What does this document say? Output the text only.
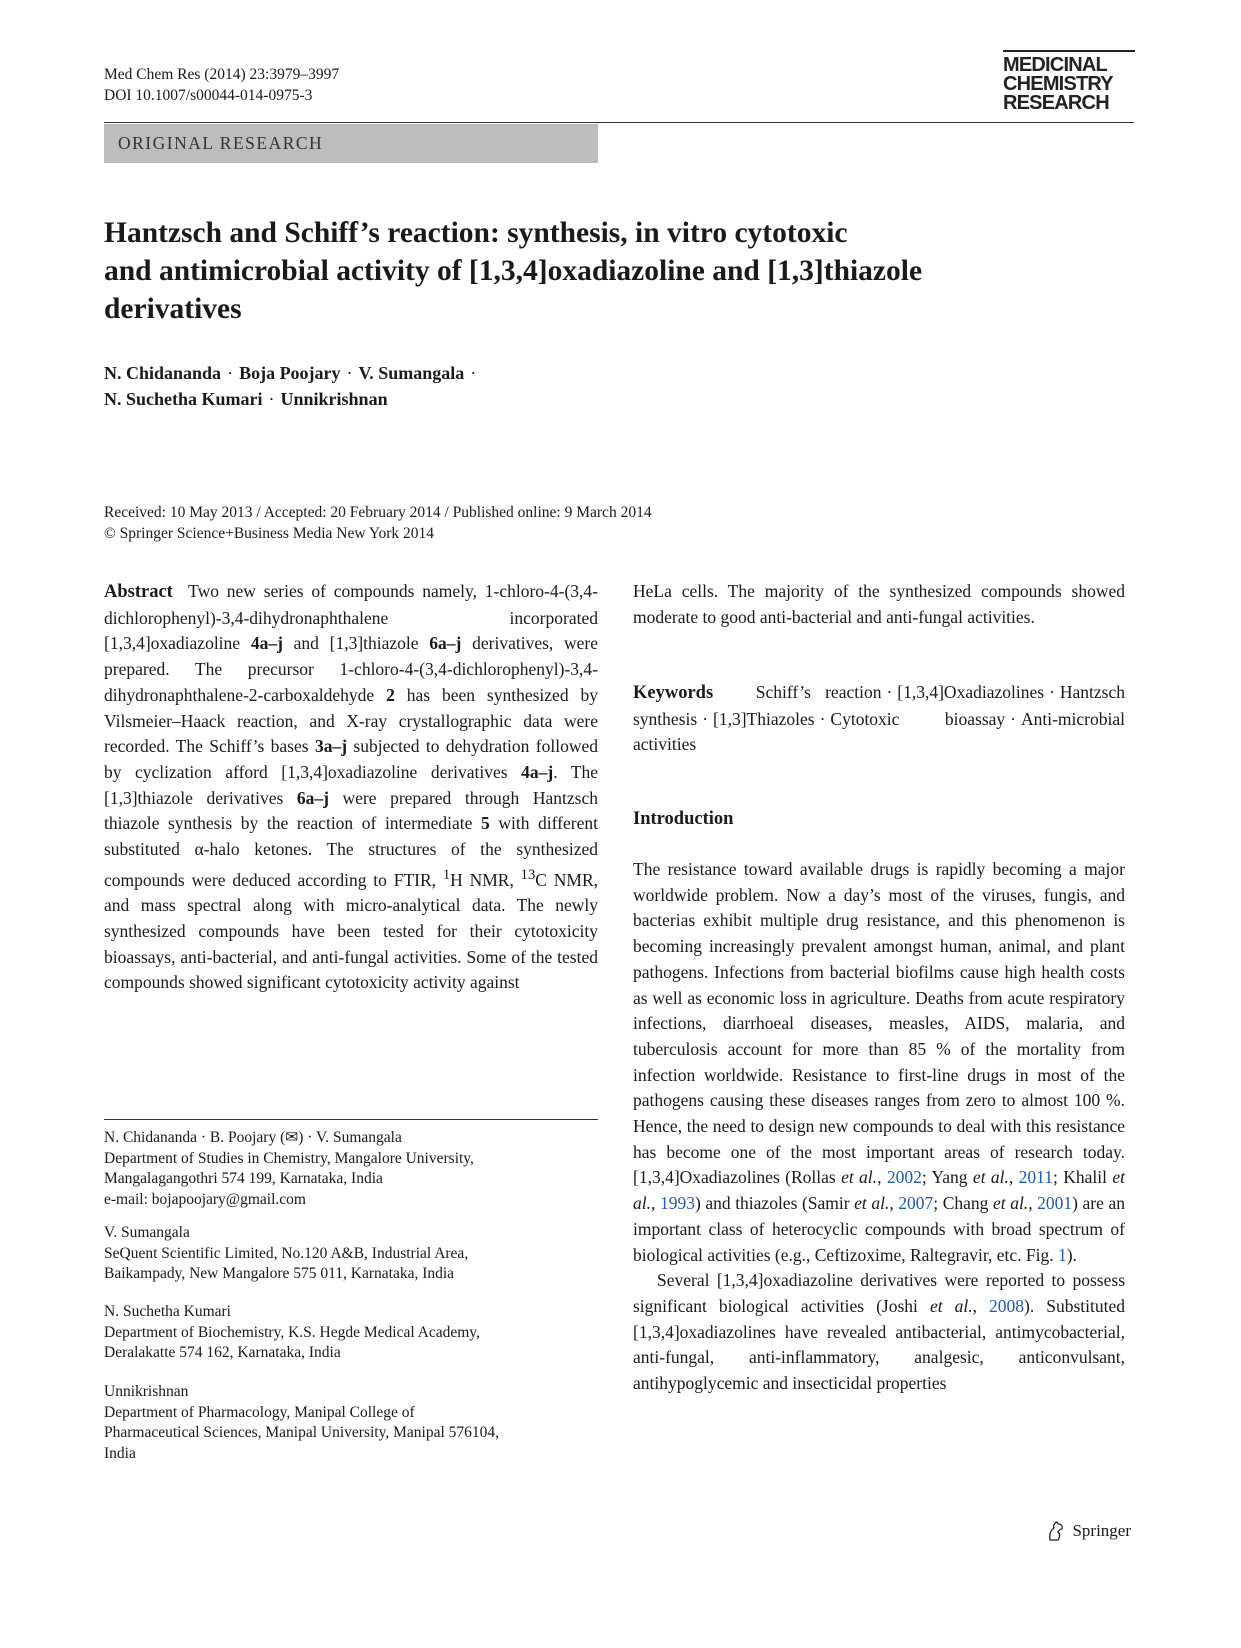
Med Chem Res (2014) 23:3979–3997
DOI 10.1007/s00044-014-0975-3
MEDICINAL
CHEMISTRY
RESEARCH
ORIGINAL RESEARCH
Hantzsch and Schiff’s reaction: synthesis, in vitro cytotoxic
and antimicrobial activity of [1,3,4]oxadiazoline and [1,3]thiazole
derivatives
N. Chidananda · Boja Poojary · V. Sumangala ·
N. Suchetha Kumari · Unnikrishnan
Received: 10 May 2013 / Accepted: 20 February 2014 / Published online: 9 March 2014
© Springer Science+Business Media New York 2014

Abstract Two new series of compounds namely, 1-chloro-4-(3,4-dichlorophenyl)-3,4-dihydronaphthalene incorporated [1,3,4]oxadiazoline 4a–j and [1,3]thiazole 6a–j derivatives, were prepared. The precursor 1-chloro-4-(3,4-dichlorophenyl)-3,4-dihydronaphthalene-2-carboxaldehyde 2 has been synthesized by Vilsmeier–Haack reaction, and X-ray crystallographic data were recorded. The Schiff’s bases 3a–j subjected to dehydration followed by cyclization afford [1,3,4]oxadiazoline derivatives 4a–j. The [1,3]thiazole derivatives 6a–j were prepared through Hantzsch thiazole synthesis by the reaction of intermediate 5 with different substituted α-halo ketones. The structures of the synthesized compounds were deduced according to FTIR, $^1$H NMR, $^{13}$C NMR, and mass spectral along with micro-analytical data. The newly synthesized compounds have been tested for their cytotoxicity bioassays, anti-bacterial, and anti-fungal activities. Some of the tested compounds showed significant cytotoxicity activity against

N. Chidananda · B. Poojary (✉) · V. Sumangala

Department of Studies in Chemistry, Mangalore University,

Mangalagangothri 574 199, Karnataka, India

e-mail: bojapoojary@gmail.com

V. Sumangala

SeQuent Scientific Limited, No.120 A&B, Industrial Area,

Baikampady, New Mangalore 575 011, Karnataka, India

N. Suchetha Kumari

Department of Biochemistry, K.S. Hegde Medical Academy,

Deralakatte 574 162, Karnataka, India

Unnikrishnan

Department of Pharmacology, Manipal College of

Pharmaceutical Sciences, Manipal University, Manipal 576104,

India

HeLa cells. The majority of the synthesized compounds showed moderate to good anti-bacterial and anti-fungal activities.

Keywords Schiff’s reaction · [1,3,4]Oxadiazolines · Hantzsch synthesis · [1,3]Thiazoles · Cytotoxic bioassay · Anti-microbial activities

Introduction

The resistance toward available drugs is rapidly becoming a major worldwide problem. Now a day’s most of the viruses, fungis, and bacterias exhibit multiple drug resistance, and this phenomenon is becoming increasingly prevalent amongst human, animal, and plant pathogens. Infections from bacterial biofilms cause high health costs as well as economic loss in agriculture. Deaths from acute respiratory infections, diarrhoeal diseases, measles, AIDS, malaria, and tuberculosis account for more than 85 % of the mortality from infection worldwide. Resistance to first-line drugs in most of the pathogens causing these diseases ranges from zero to almost 100 %. Hence, the need to design new compounds to deal with this resistance has become one of the most important areas of research today. [1,3,4]Oxadiazolines (Rollas et al., 2002; Yang et al., 2011; Khalil et al., 1993) and thiazoles (Samir et al., 2007; Chang et al., 2001) are an important class of heterocyclic compounds with broad spectrum of biological activities (e.g., Ceftizoxime, Raltegravir, etc. Fig. 1).

Several [1,3,4]oxadiazoline derivatives were reported to possess significant biological activities (Joshi et al., 2008). Substituted [1,3,4]oxadiazolines have revealed antibacterial, antimycobacterial, anti-fungal, anti-inflammatory, analgesic, anticonvulsant, antihypoglycemic and insecticidal properties

Springer
